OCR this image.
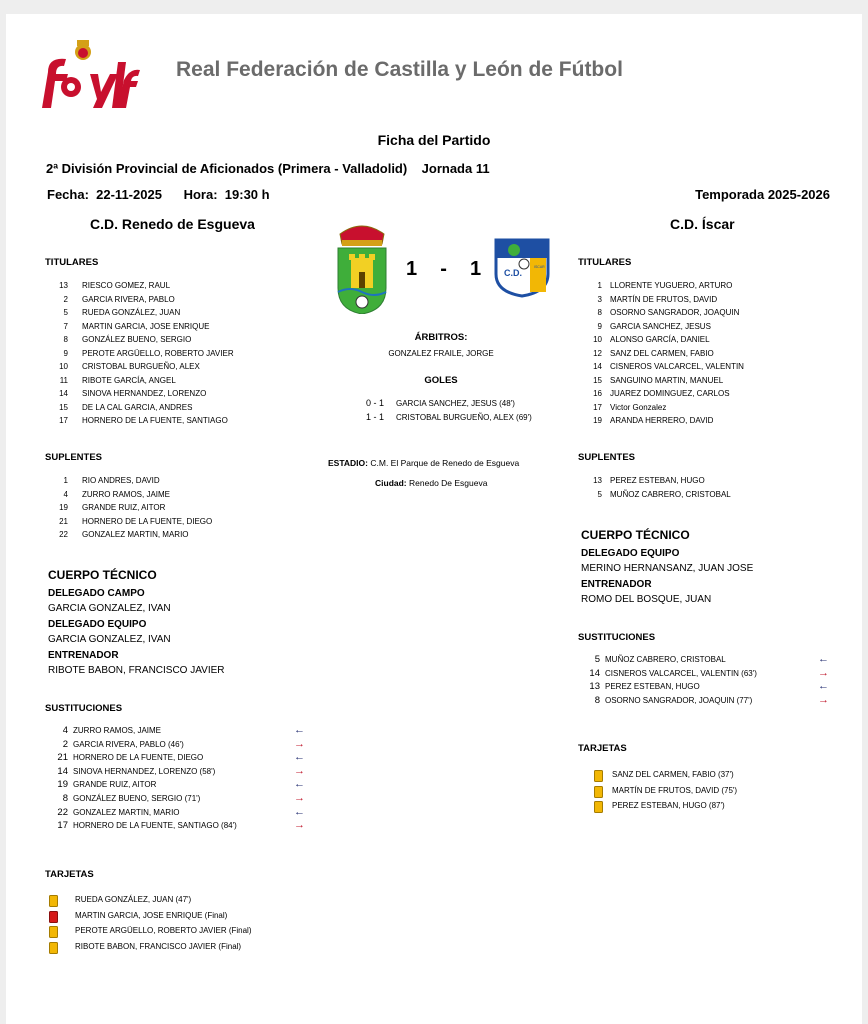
fcylf
Real Federación de Castilla y León de Fútbol
Ficha del Partido
2ª División Provincial de Aficionados (Primera - Valladolid) Jornada 11
Fecha: 22-11-2025 Hora: 19:30 h	Temporada 2025-2026
C.D. Renedo de Esgueva	C.D. Íscar
1 - 1	C.D.
ISCAR
ÁRBITROS:
GONZALEZ FRAILE, JORGE
GOLES
0 - 1 GARCIA SANCHEZ, JESUS (48')
1 - 1 CRISTOBAL BURGUEÑO, ALEX (69')
ESTADIO: C.M. El Parque de Renedo de Esgueva
Ciudad: Renedo De Esgueva
TITULARES
13 RIESCO GOMEZ, RAUL
2 GARCIA RIVERA, PABLO
5 RUEDA GONZÁLEZ, JUAN
7 MARTIN GARCIA, JOSE ENRIQUE
8 GONZÁLEZ BUENO, SERGIO
9 PEROTE ARGÜELLO, ROBERTO JAVIER
10 CRISTOBAL BURGUEÑO, ALEX
11 RIBOTE GARCÍA, ANGEL
14 SINOVA HERNANDEZ, LORENZO
15 DE LA CAL GARCIA, ANDRES
17 HORNERO DE LA FUENTE, SANTIAGO
SUPLENTES
1 RIO ANDRES, DAVID
4 ZURRO RAMOS, JAIME
19 GRANDE RUIZ, AITOR
21 HORNERO DE LA FUENTE, DIEGO
22 GONZALEZ MARTIN, MARIO
CUERPO TÉCNICO
DELEGADO CAMPO
GARCIA GONZALEZ, IVAN
DELEGADO EQUIPO
GARCIA GONZALEZ, IVAN
ENTRENADOR
RIBOTE BABON, FRANCISCO JAVIER
SUSTITUCIONES
4 ZURRO RAMOS, JAIME	←
2 GARCIA RIVERA, PABLO (46')	→
21 HORNERO DE LA FUENTE, DIEGO	←
14 SINOVA HERNANDEZ, LORENZO (58')	→
19 GRANDE RUIZ, AITOR	←
8 GONZÁLEZ BUENO, SERGIO (71')	→
22 GONZALEZ MARTIN, MARIO	←
17 HORNERO DE LA FUENTE, SANTIAGO (84')	→
TARJETAS
RUEDA GONZÁLEZ, JUAN (47')
MARTIN GARCIA, JOSE ENRIQUE (Final)
PEROTE ARGÜELLO, ROBERTO JAVIER (Final)
RIBOTE BABON, FRANCISCO JAVIER (Final)
TITULARES
1 LLORENTE YUGUERO, ARTURO
3 MARTÍN DE FRUTOS, DAVID
8 OSORNO SANGRADOR, JOAQUIN
9 GARCIA SANCHEZ, JESUS
10 ALONSO GARCÍA, DANIEL
12 SANZ DEL CARMEN, FABIO
14 CISNEROS VALCARCEL, VALENTIN
15 SANGUINO MARTIN, MANUEL
16 JUAREZ DOMINGUEZ, CARLOS
17 Victor Gonzalez
19 ARANDA HERRERO, DAVID
SUPLENTES
13 PEREZ ESTEBAN, HUGO
5 MUÑOZ CABRERO, CRISTOBAL
CUERPO TÉCNICO
DELEGADO EQUIPO
MERINO HERNANSANZ, JUAN JOSE
ENTRENADOR
ROMO DEL BOSQUE, JUAN
SUSTITUCIONES
5 MUÑOZ CABRERO, CRISTOBAL	←
14 CISNEROS VALCARCEL, VALENTIN (63')	→
13 PEREZ ESTEBAN, HUGO	←
8 OSORNO SANGRADOR, JOAQUIN (77')	→
TARJETAS
SANZ DEL CARMEN, FABIO (37')
MARTÍN DE FRUTOS, DAVID (75')
PEREZ ESTEBAN, HUGO (87')
